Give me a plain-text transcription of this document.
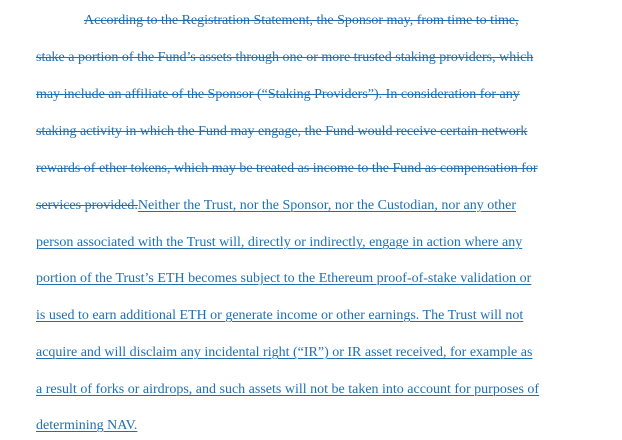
According to the Registration Statement, the Sponsor may, from time to time,
stake a portion of the Fund’s assets through one or more trusted staking providers, which
may include an affiliate of the Sponsor (“Staking Providers”). In consideration for any
staking activity in which the Fund may engage, the Fund would receive certain network
rewards of ether tokens, which may be treated as income to the Fund as compensation for
services provided.Neither the Trust, nor the Sponsor, nor the Custodian, nor any other
person associated with the Trust will, directly or indirectly, engage in action where any
portion of the Trust’s ETH becomes subject to the Ethereum proof-of-stake validation or
is used to earn additional ETH or generate income or other earnings. The Trust will not
acquire and will disclaim any incidental right (“IR”) or IR asset received, for example as
a result of forks or airdrops, and such assets will not be taken into account for purposes of
determining NAV.
